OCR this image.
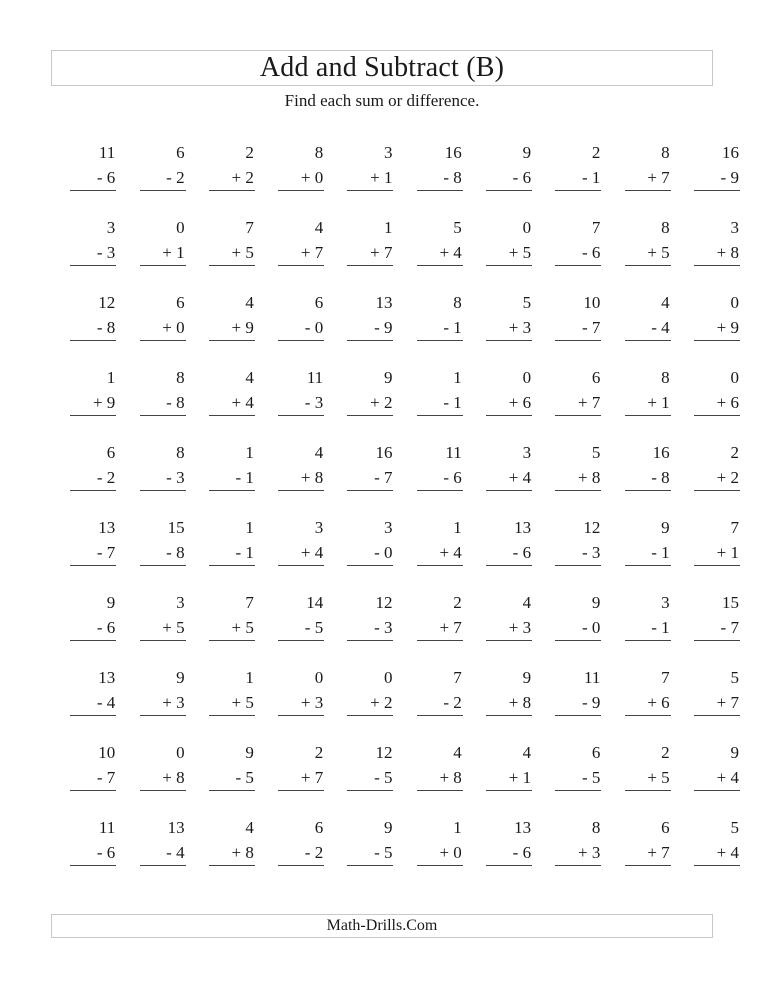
Add and Subtract (B)
Find each sum or difference.
11
- 6
6
- 2
2
+ 2
8
+ 0
3
+ 1
16
- 8
9
- 6
2
- 1
8
+ 7
16
- 9
3
- 3
0
+ 1
7
+ 5
4
+ 7
1
+ 7
5
+ 4
0
+ 5
7
- 6
8
+ 5
3
+ 8
12
- 8
6
+ 0
4
+ 9
6
- 0
13
- 9
8
- 1
5
+ 3
10
- 7
4
- 4
0
+ 9
1
+ 9
8
- 8
4
+ 4
11
- 3
9
+ 2
1
- 1
0
+ 6
6
+ 7
8
+ 1
0
+ 6
6
- 2
8
- 3
1
- 1
4
+ 8
16
- 7
11
- 6
3
+ 4
5
+ 8
16
- 8
2
+ 2
13
- 7
15
- 8
1
- 1
3
+ 4
3
- 0
1
+ 4
13
- 6
12
- 3
9
- 1
7
+ 1
9
- 6
3
+ 5
7
+ 5
14
- 5
12
- 3
2
+ 7
4
+ 3
9
- 0
3
- 1
15
- 7
13
- 4
9
+ 3
1
+ 5
0
+ 3
0
+ 2
7
- 2
9
+ 8
11
- 9
7
+ 6
5
+ 7
10
- 7
0
+ 8
9
- 5
2
+ 7
12
- 5
4
+ 8
4
+ 1
6
- 5
2
+ 5
9
+ 4
11
- 6
13
- 4
4
+ 8
6
- 2
9
- 5
1
+ 0
13
- 6
8
+ 3
6
+ 7
5
+ 4
Math-Drills.Com
